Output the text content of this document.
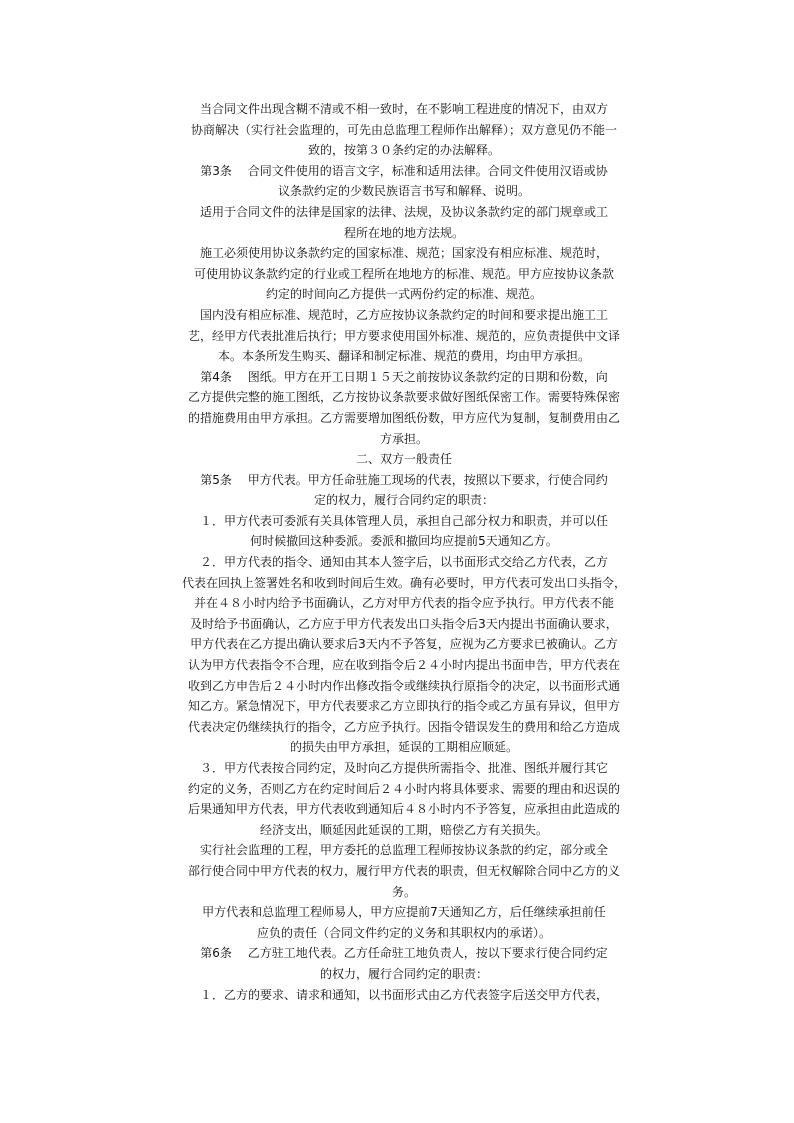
当合同文件出现含糊不清或不相一致时，在不影响工程进度的情况下，由双方

协商解决（实行社会监理的，可先由总监理工程师作出解释）；双方意见仍不能一

致的，按第３０条约定的办法解释。

第3条　 合同文件使用的语言文字，标准和适用法律。合同文件使用汉语或协

议条款约定的少数民族语言书写和解释、说明。

适用于合同文件的法律是国家的法律、法规，及协议条款约定的部门规章或工

程所在地的地方法规。

施工必须使用协议条款约定的国家标准、规范；国家没有相应标准、规范时，

可使用协议条款约定的行业或工程所在地地方的标准、规范。甲方应按协议条款

约定的时间向乙方提供一式两份约定的标准、规范。

国内没有相应标准、规范时，乙方应按协议条款约定的时间和要求提出施工工

艺，经甲方代表批准后执行；甲方要求使用国外标准、规范的，应负责提供中文译

本。本条所发生购买、翻译和制定标准、规范的费用，均由甲方承担。

第4条　 图纸。甲方在开工日期１５天之前按协议条款约定的日期和份数，向

乙方提供完整的施工图纸，乙方按协议条款要求做好图纸保密工作。需要特殊保密

的措施费用由甲方承担。乙方需要增加图纸份数，甲方应代为复制，复制费用由乙

方承担。

二、双方一般责任

第5条　 甲方代表。甲方任命驻施工现场的代表，按照以下要求，行使合同约

定的权力，履行合同约定的职责：

１．甲方代表可委派有关具体管理人员，承担自己部分权力和职责，并可以任

何时候撤回这种委派。委派和撤回均应提前5天通知乙方。

２．甲方代表的指令、通知由其本人签字后，以书面形式交给乙方代表，乙方

代表在回执上签署姓名和收到时间后生效。确有必要时，甲方代表可发出口头指令，

并在４８小时内给予书面确认，乙方对甲方代表的指令应予执行。甲方代表不能

及时给予书面确认，乙方应于甲方代表发出口头指令后3天内提出书面确认要求，

甲方代表在乙方提出确认要求后3天内不予答复，应视为乙方要求已被确认。乙方

认为甲方代表指令不合理，应在收到指令后２４小时内提出书面申告，甲方代表在

收到乙方申告后２４小时内作出修改指令或继续执行原指令的决定，以书面形式通

知乙方。紧急情况下，甲方代表要求乙方立即执行的指令或乙方虽有异议，但甲方

代表决定仍继续执行的指令，乙方应予执行。因指令错误发生的费用和给乙方造成

的损失由甲方承担，延误的工期相应顺延。

３．甲方代表按合同约定，及时向乙方提供所需指令、批准、图纸并履行其它

约定的义务，否则乙方在约定时间后２４小时内将具体要求、需要的理由和迟误的

后果通知甲方代表，甲方代表收到通知后４８小时内不予答复，应承担由此造成的

经济支出，顺延因此延误的工期，赔偿乙方有关损失。

实行社会监理的工程，甲方委托的总监理工程师按协议条款的约定，部分或全

部行使合同中甲方代表的权力，履行甲方代表的职责，但无权解除合同中乙方的义

务。

甲方代表和总监理工程师易人，甲方应提前7天通知乙方，后任继续承担前任

应负的责任（合同文件约定的义务和其职权内的承诺）。

第6条　 乙方驻工地代表。乙方任命驻工地负责人，按以下要求行使合同约定

的权力，履行合同约定的职责：

１．乙方的要求、请求和通知，以书面形式由乙方代表签字后送交甲方代表，
